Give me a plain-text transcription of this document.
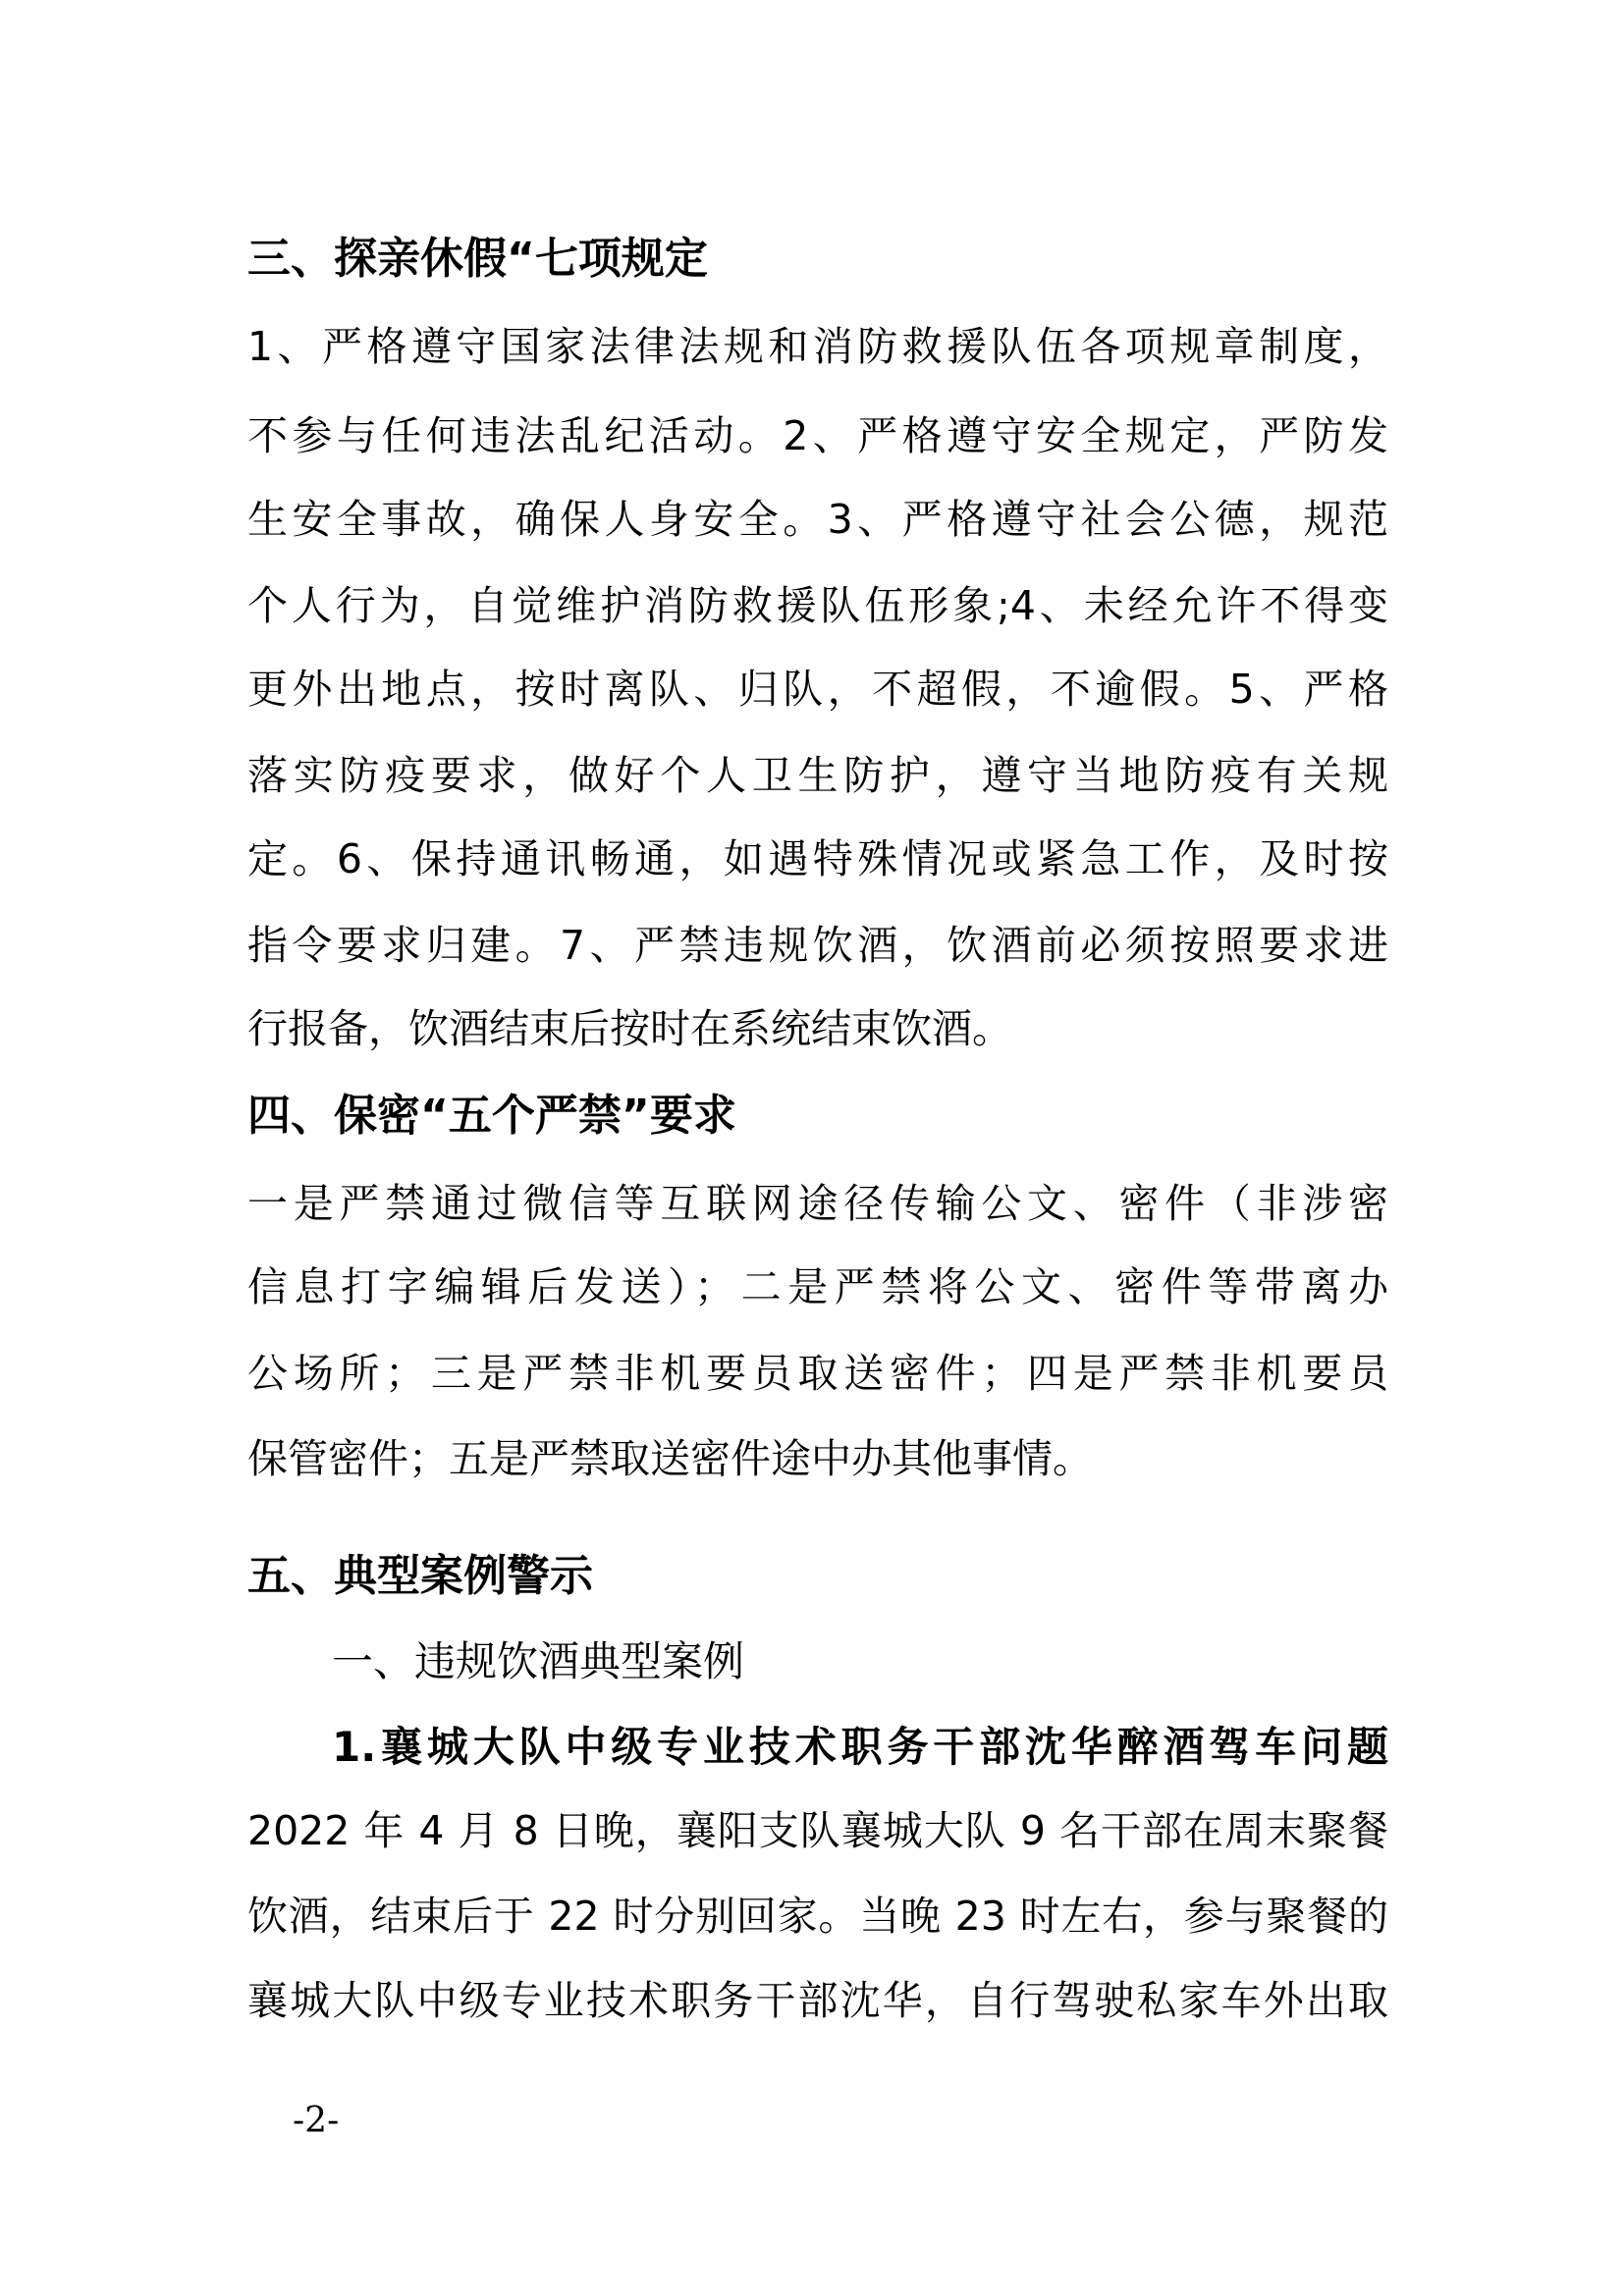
三、探亲休假“七项规定
1、严格遵守国家法律法规和消防救援队伍各项规章制度，
不参与任何违法乱纪活动。2、严格遵守安全规定，严防发
生安全事故，确保人身安全。3、严格遵守社会公德，规范
个人行为，自觉维护消防救援队伍形象;4、未经允许不得变
更外出地点，按时离队、归队，不超假，不逾假。5、严格
落实防疫要求，做好个人卫生防护，遵守当地防疫有关规
定。6、保持通讯畅通，如遇特殊情况或紧急工作，及时按
指令要求归建。7、严禁违规饮酒，饮酒前必须按照要求进
行报备，饮酒结束后按时在系统结束饮酒。
四、保密“五个严禁”要求
一是严禁通过微信等互联网途径传输公文、密件（非涉密
信息打字编辑后发送）；二是严禁将公文、密件等带离办
公场所；三是严禁非机要员取送密件；四是严禁非机要员
保管密件；五是严禁取送密件途中办其他事情。
五、典型案例警示
一、违规饮酒典型案例
1.襄城大队中级专业技术职务干部沈华醉酒驾车问题
2022 年 4 月 8 日晚，襄阳支队襄城大队 9 名干部在周末聚餐
饮酒，结束后于 22 时分别回家。当晚 23 时左右，参与聚餐的
襄城大队中级专业技术职务干部沈华，自行驾驶私家车外出取
-2-
